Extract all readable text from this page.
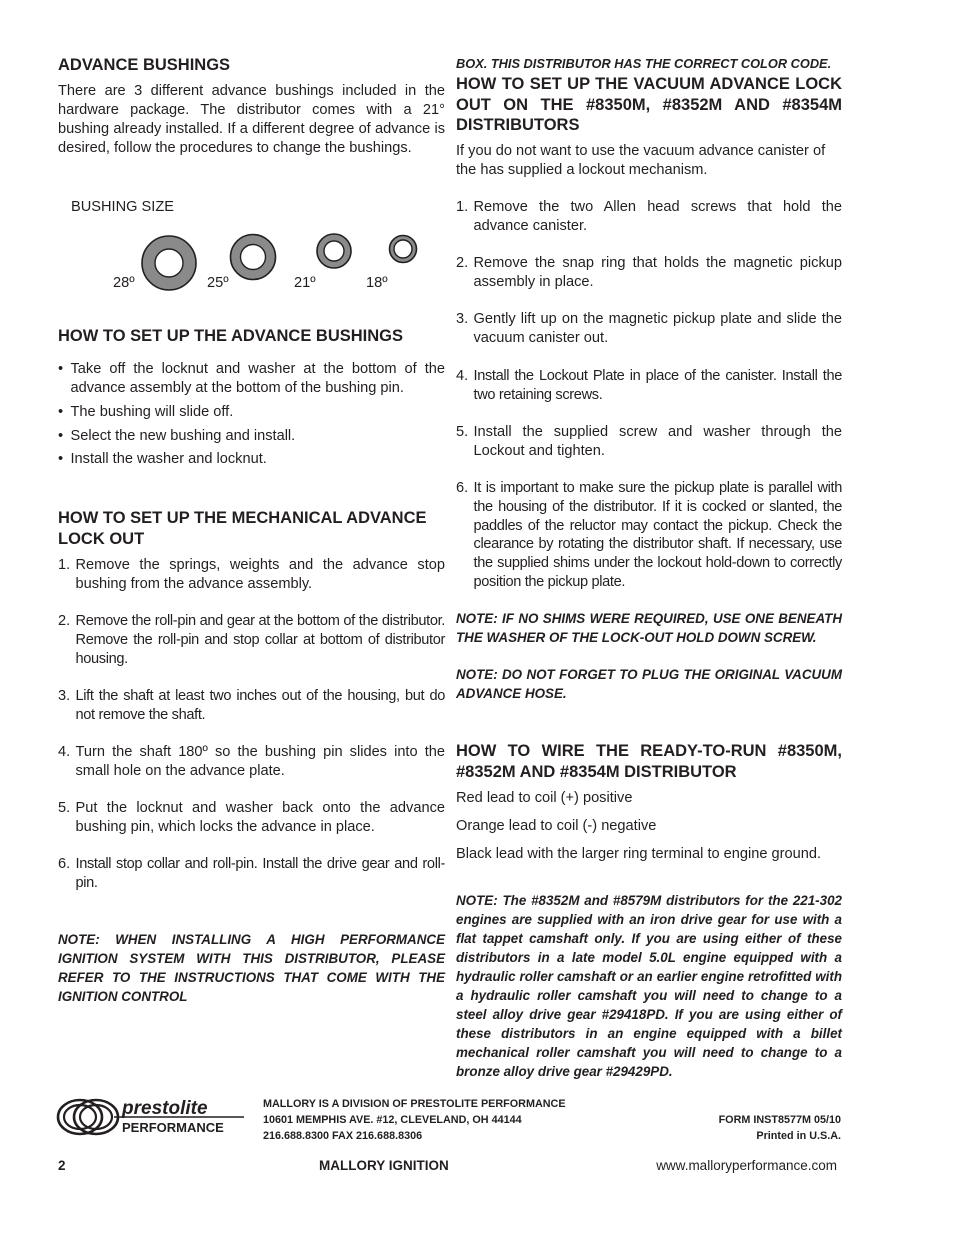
ADVANCE BUSHINGS

There are 3 different advance bushings included in the hardware package. The distributor comes with a 21° bushing already installed. If a different degree of advance is desired, follow the procedures to change the bushings.

BUSHING SIZE
28º	25º	21º	18º
HOW TO SET UP THE ADVANCE BUSHINGS
• Take off the locknut and washer at the bottom of the advance assembly at the bottom of the bushing pin.
• The bushing will slide off.
• Select the new bushing and install.
• Install the washer and locknut.
HOW TO SET UP THE MECHANICAL ADVANCE LOCK OUT
1. Remove the springs, weights and the advance stop bushing from the advance assembly.
2. Remove the roll-pin and gear at the bottom of the distributor. Remove the roll-pin and stop collar at bottom of distributor housing.
3. Lift the shaft at least two inches out of the housing, but do not remove the shaft.
4. Turn the shaft 180º so the bushing pin slides into the small hole on the advance plate.
5. Put the locknut and washer back onto the advance bushing pin, which locks the advance in place.
6. Install stop collar and roll-pin. Install the drive gear and roll-pin.

NOTE: WHEN INSTALLING A HIGH PERFORMANCE IGNITION SYSTEM WITH THIS DISTRIBUTOR, PLEASE REFER TO THE INSTRUCTIONS THAT COME WITH THE IGNITION CONTROL

BOX. THIS DISTRIBUTOR HAS THE CORRECT COLOR CODE.

HOW TO SET UP THE VACUUM ADVANCE LOCK OUT ON THE #8350M, #8352M AND #8354M DISTRIBUTORS

If you do not want to use the vacuum advance canister of the has supplied a lockout mechanism.

1. Remove the two Allen head screws that hold the advance canister.
2. Remove the snap ring that holds the magnetic pickup assembly in place.
3. Gently lift up on the magnetic pickup plate and slide the vacuum canister out.
4. Install the Lockout Plate in place of the canister. Install the two retaining screws.
5. Install the supplied screw and washer through the Lockout and tighten.
6. It is important to make sure the pickup plate is parallel with the housing of the distributor. If it is cocked or slanted, the paddles of the reluctor may contact the pickup. Check the clearance by rotating the distributor shaft. If necessary, use the supplied shims under the lockout hold-down to correctly position the pickup plate.

NOTE: IF NO SHIMS WERE REQUIRED, USE ONE BENEATH THE WASHER OF THE LOCK-OUT HOLD DOWN SCREW.

NOTE: DO NOT FORGET TO PLUG THE ORIGINAL VACUUM ADVANCE HOSE.

HOW TO WIRE THE READY-TO-RUN #8350M, #8352M AND #8354M DISTRIBUTOR

Red lead to coil (+) positive

Orange lead to coil (-) negative

Black lead with the larger ring terminal to engine ground.

NOTE: The #8352M and #8579M distributors for the 221-302 engines are supplied with an iron drive gear for use with a flat tappet camshaft only. If you are using either of these distributors in a late model 5.0L engine equipped with a hydraulic roller camshaft or an earlier engine retrofitted with a hydraulic roller camshaft you will need to change to a steel alloy drive gear #29418PD. If you are using either of these distributors in an engine equipped with a billet mechanical roller camshaft you will need to change to a bronze alloy drive gear #29429PD.

prestolite
PERFORMANCE
MALLORY IS A DIVISION OF PRESTOLITE PERFORMANCE
10601 MEMPHIS AVE. #12, CLEVELAND, OH 44144
216.688.8300 FAX 216.688.8306
FORM INST8577M 05/10
Printed in U.S.A.
2	MALLORY IGNITION	www.malloryperformance.com
